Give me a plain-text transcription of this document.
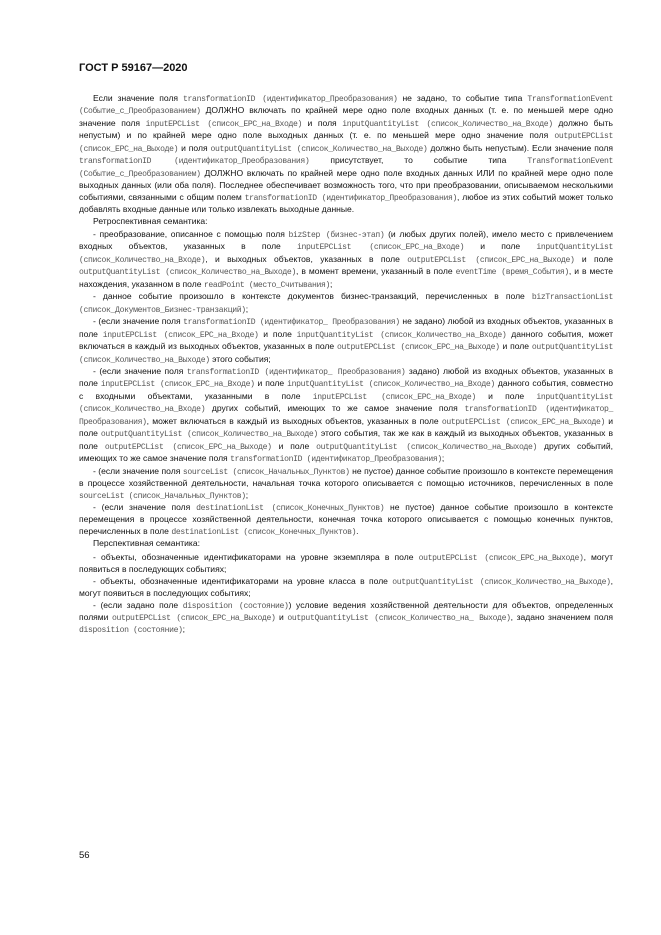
ГОСТ Р 59167—2020

Если значение поля transformationID (идентификатор_Преобразования) не задано, то событие типа TransformationEvent (Событие_с_Преобразованием) ДОЛЖНО включать по крайней мере одно поле входных данных (т. е. по меньшей мере одно значение поля inputEPCList (список_EPC_на_Входе) и поля inputQuantityList (список_Количество_на_Входе) должно быть непустым) и по крайней мере одно поле выходных данных (т. е. по меньшей мере одно значение поля outputEPCList (список_EPC_на_Выходе) и поля outputQuantityList (список_Количество_на_Выходе) должно быть непустым). Если значение поля transformationID (идентификатор_Преобразования) присутствует, то событие типа TransformationEvent (Событие_с_Преобразованием) ДОЛЖНО включать по крайней мере одно поле входных данных ИЛИ по крайней мере одно поле выходных данных (или оба поля). Последнее обеспечивает возможность того, что при преобразовании, описываемом несколькими событиями, связанными с общим полем transformationID (идентификатор_Преобразования), любое из этих событий может только добавлять входные данные или только извлекать выходные данные.

Ретроспективная семантика:

- преобразование, описанное с помощью поля bizStep (бизнес-этап) (и любых других полей), имело место с привлечением входных объектов, указанных в поле inputEPCList (список_EPC_на_Входе) и поле inputQuantityList (список_Количество_на_Входе), и выходных объектов, указанных в поле outputEPCList (список_EPC_на_Выходе) и поле outputQuantityList (список_Количество_на_Выходе), в момент времени, указанный в поле eventTime (время_События), и в месте нахождения, указанном в поле readPoint (место_Считывания);

- данное событие произошло в контексте документов бизнес-транзакций, перечисленных в поле bizTransactionList (список_Документов_Бизнес-транзакций);

- (если значение поля transformationID (идентификатор_ Преобразования) не задано) любой из входных объектов, указанных в поле inputEPCList (список_EPC_на_Входе) и поле inputQuantityList (список_Количество_на_Входе) данного события, может включаться в каждый из выходных объектов, указанных в поле outputEPCList (список_EPC_на_Выходе) и поле outputQuantityList (список_Количество_на_Выходе) этого события;

- (если значение поля transformationID (идентификатор_ Преобразования) задано) любой из входных объектов, указанных в поле inputEPCList (список_EPC_на_Входе) и поле inputQuantityList (список_Количество_на_Входе) данного события, совместно с входными объектами, указанными в поле inputEPCList (список_EPC_на_Входе) и поле inputQuantityList (список_Количество_на_Входе) других событий, имеющих то же самое значение поля transformationID (идентификатор_ Преобразования), может включаться в каждый из выходных объектов, указанных в поле outputEPCList (список_EPC_на_Выходе) и поле outputQuantityList (список_Количество_на_Выходе) этого события, так же как в каждый из выходных объектов, указанных в поле outputEPCList (список_EPC_на_Выходе) и поле outputQuantityList (список_Количество_на_Выходе) других событий, имеющих то же самое значение поля transformationID (идентификатор_Преобразования);

- (если значение поля sourceList (список_Начальных_Пунктов) не пустое) данное событие произошло в контексте перемещения в процессе хозяйственной деятельности, начальная точка которого описывается с помощью источников, перечисленных в поле sourceList (список_Начальных_Пунктов);

- (если значение поля destinationList (список_Конечных_Пунктов) не пустое) данное событие произошло в контексте перемещения в процессе хозяйственной деятельности, конечная точка которого описывается с помощью конечных пунктов, перечисленных в поле destinationList (список_Конечных_Пунктов).

Перспективная семантика:

- объекты, обозначенные идентификаторами на уровне экземпляра в поле outputEPCList (список_EPC_на_Выходе), могут появиться в последующих событиях;

- объекты, обозначенные идентификаторами на уровне класса в поле outputQuantityList (список_Количество_на_Выходе), могут появиться в последующих событиях;

- (если задано поле disposition (состояние)) условие ведения хозяйственной деятельности для объектов, определенных полями outputEPCList (список_EPC_на_Выходе) и outputQuantityList (список_Количество_на_ Выходе), задано значением поля disposition (состояние);

56
